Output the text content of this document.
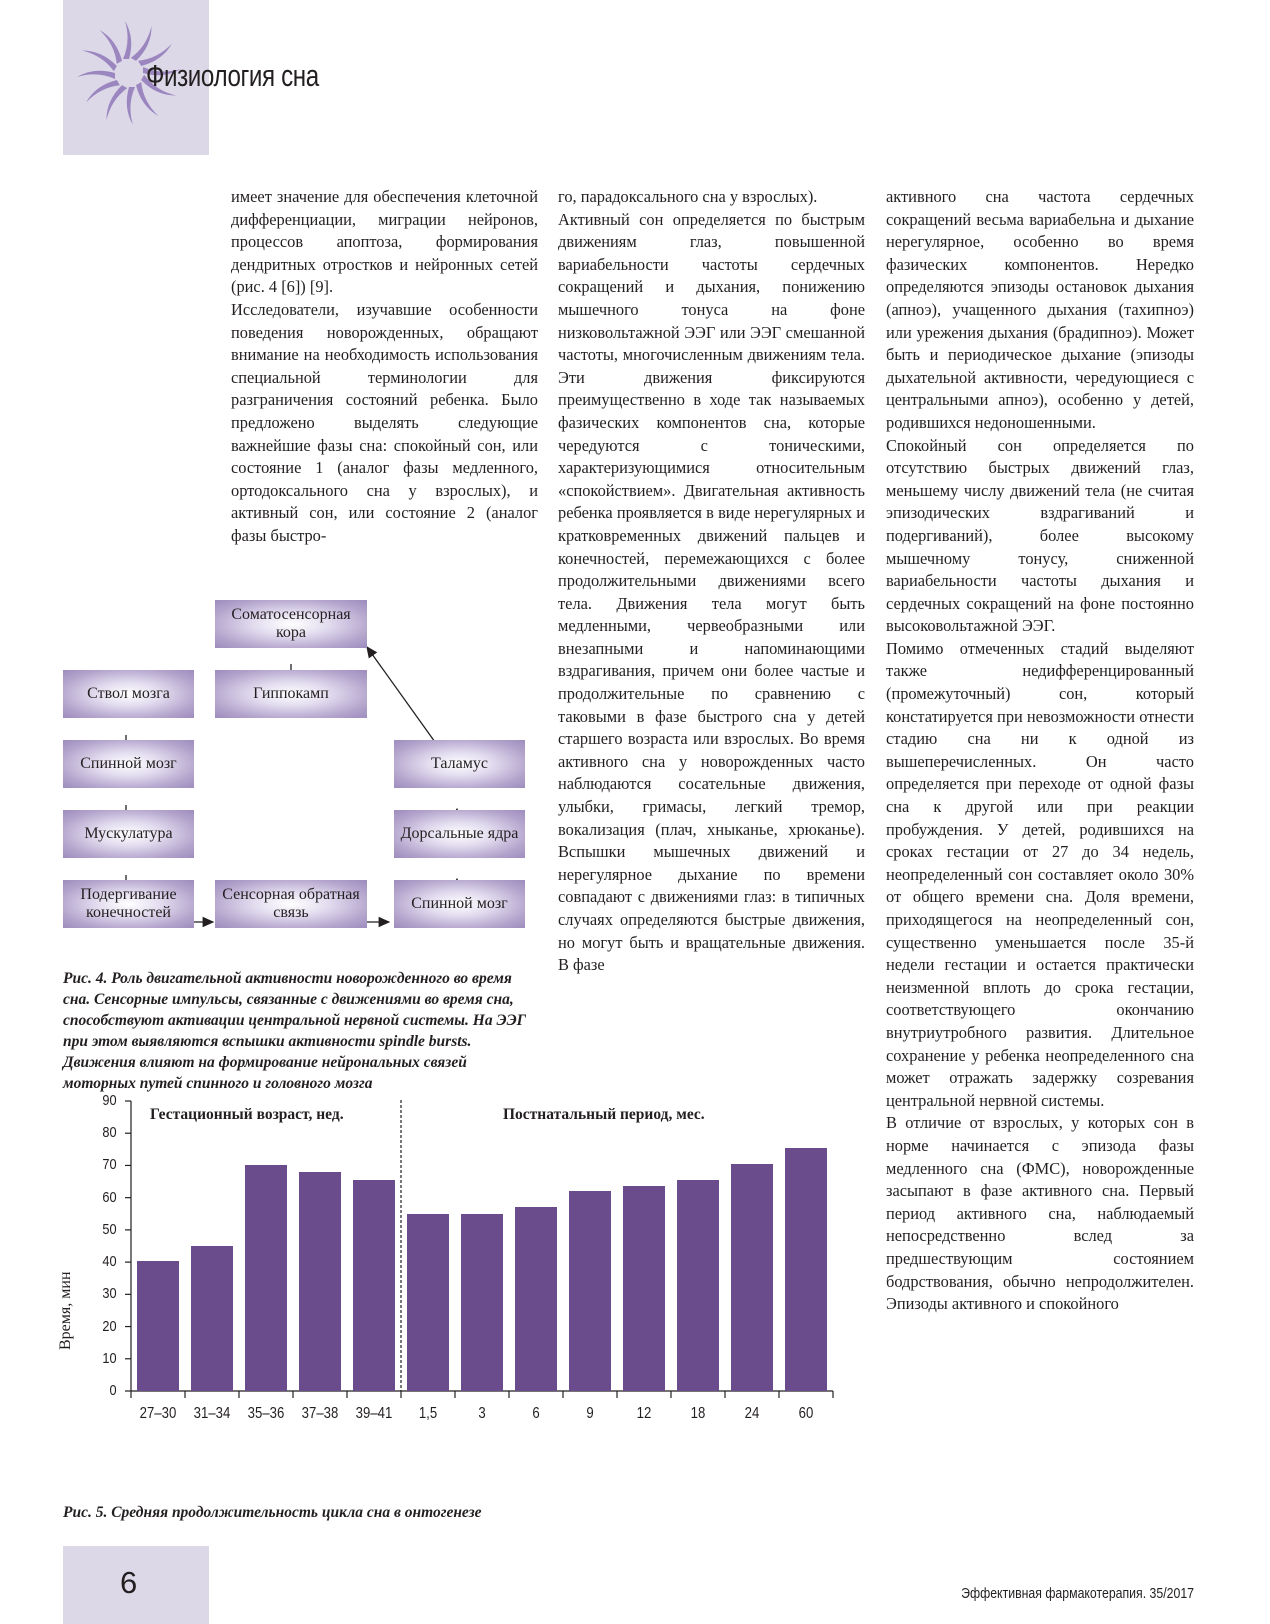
Физиология сна

имеет значение для обеспечения клеточной дифференциации, миграции нейронов, процессов апоптоза, формирования дендритных отростков и нейронных сетей (рис. 4 [6]) [9].

Исследователи, изучавшие особенности поведения новорожденных, обращают внимание на необходимость использования специальной терминологии для разграничения состояний ребенка. Было предложено выделять следующие важнейшие фазы сна: спокойный сон, или состояние 1 (аналог фазы медленного, ортодоксального сна у взрослых), и активный сон, или состояние 2 (аналог фазы быстро-

го, парадоксального сна у взрослых).

Активный сон определяется по быстрым движениям глаз, повышенной вариабельности частоты сердечных сокращений и дыхания, понижению мышечного тонуса на фоне низковольтажной ЭЭГ или ЭЭГ смешанной частоты, многочисленным движениям тела. Эти движения фиксируются преимущественно в ходе так называемых фазических компонентов сна, которые чередуются с тоническими, характеризующимися относительным «спокойствием». Двигательная активность ребенка проявляется в виде нерегулярных и кратковременных движений пальцев и конечностей, перемежающихся с более продолжительными движениями всего тела. Движения тела могут быть медленными, червеобразными или внезапными и напоминающими вздрагивания, причем они более частые и продолжительные по сравнению с таковыми в фазе быстрого сна у детей старшего возраста или взрослых. Во время активного сна у новорожденных часто наблюдаются сосательные движения, улыбки, гримасы, легкий тремор, вокализация (плач, хныканье, хрюканье). Вспышки мышечных движений и нерегулярное дыхание по времени совпадают с движениями глаз: в типичных случаях определяются быстрые движения, но могут быть и вращательные движения. В фазе

активного сна частота сердечных сокращений весьма вариабельна и дыхание нерегулярное, особенно во время фазических компонентов. Нередко определяются эпизоды остановок дыхания (апноэ), учащенного дыхания (тахипноэ) или урежения дыхания (брадипноэ). Может быть и периодическое дыхание (эпизоды дыхательной активности, чередующиеся с центральными апноэ), особенно у детей, родившихся недоношенными.

Спокойный сон определяется по отсутствию быстрых движений глаз, меньшему числу движений тела (не считая эпизодических вздрагиваний и подергиваний), более высокому мышечному тонусу, сниженной вариабельности частоты дыхания и сердечных сокращений на фоне постоянно высоковольтажной ЭЭГ.

Помимо отмеченных стадий выделяют также недифференцированный (промежуточный) сон, который констатируется при невозможности отнести стадию сна ни к одной из вышеперечисленных. Он часто определяется при переходе от одной фазы сна к другой или при реакции пробуждения. У детей, родившихся на сроках гестации от 27 до 34 недель, неопределенный сон составляет около 30% от общего времени сна. Доля времени, приходящегося на неопределенный сон, существенно уменьшается после 35-й недели гестации и остается практически неизменной вплоть до срока гестации, соответствующего окончанию внутриутробного развития. Длительное сохранение у ребенка неопределенного сна может отражать задержку созревания центральной нервной системы.

В отличие от взрослых, у которых сон в норме начинается с эпизода фазы медленного сна (ФМС), новорожденные засыпают в фазе активного сна. Первый период активного сна, наблюдаемый непосредственно вслед за предшествующим состоянием бодрствования, обычно непродолжителен. Эпизоды активного и спокойного

Соматосенсорная кора
Гиппокамп
Ствол мозга
Спинной мозг
Мускулатура
Подергивание конечностей
Сенсорная обратная связь
Спинной мозг
Дорсальные ядра
Таламус
Рис. 4. Роль двигательной активности новорожденного во время сна. Сенсорные импульсы, связанные с движениями во время сна, способствуют активации центральной нервной системы. На ЭЭГ при этом выявляются вспышки активности spindle bursts. Движения влияют на формирование нейрональных связей моторных путей спинного и головного мозга
Время, мин
Гестационный возраст, нед.	Постнатальный период, мес.
0
10
20
30
40
50
60
70
80
90
27–30	31–34	35–36	37–38	39–41	1,5	3	6	9	12	18	24	60
Рис. 5. Средняя продолжительность цикла сна в онтогенезе
6	Эффективная фармакотерапия. 35/2017
